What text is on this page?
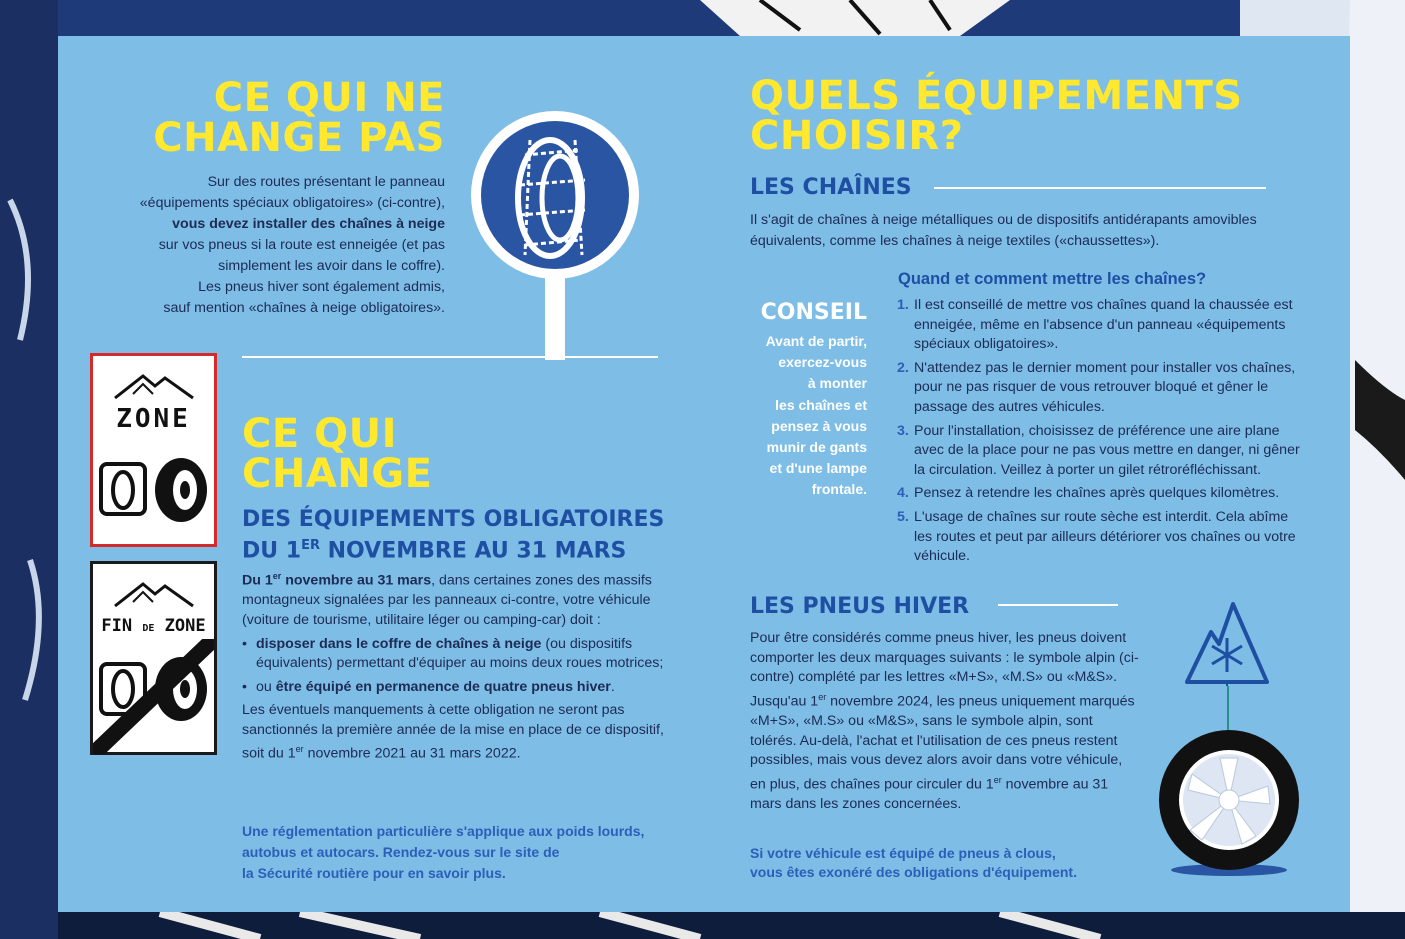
CE QUI NE
CHANGE PAS
Sur des routes présentant le panneau
«équipements spéciaux obligatoires» (ci-contre),
vous devez installer des chaînes à neige
sur vos pneus si la route est enneigée (et pas
simplement les avoir dans le coffre).
Les pneus hiver sont également admis,
sauf mention «chaînes à neige obligatoires».
ZONE
FIN DE ZONE
CE QUI
CHANGE
DES ÉQUIPEMENTS OBLIGATOIRES
DU 1ER NOVEMBRE AU 31 MARS
Du 1er novembre au 31 mars, dans certaines zones des massifs montagneux signalées par les panneaux ci-contre, votre véhicule (voiture de tourisme, utilitaire léger ou camping-car) doit :
• disposer dans le coffre de chaînes à neige (ou dispositifs équivalents) permettant d'équiper au moins deux roues motrices;
• ou être équipé en permanence de quatre pneus hiver.
Les éventuels manquements à cette obligation ne seront pas sanctionnés la première année de la mise en place de ce dispositif, soit du 1er novembre 2021 au 31 mars 2022.
Une réglementation particulière s'applique aux poids lourds,
autobus et autocars. Rendez-vous sur le site de
la Sécurité routière pour en savoir plus.
QUELS ÉQUIPEMENTS
CHOISIR?
LES CHAÎNES
Il s'agit de chaînes à neige métalliques ou de dispositifs antidérapants amovibles équivalents, comme les chaînes à neige textiles («chaussettes»).
CONSEIL
Avant de partir,
exercez-vous
à monter
les chaînes et
pensez à vous
munir de gants
et d'une lampe
frontale.
Quand et comment mettre les chaînes?
1. Il est conseillé de mettre vos chaînes quand la chaussée est enneigée, même en l'absence d'un panneau «équipements spéciaux obligatoires».
2. N'attendez pas le dernier moment pour installer vos chaînes, pour ne pas risquer de vous retrouver bloqué et gêner le passage des autres véhicules.
3. Pour l'installation, choisissez de préférence une aire plane avec de la place pour ne pas vous mettre en danger, ni gêner la circulation. Veillez à porter un gilet rétroréfléchissant.
4. Pensez à retendre les chaînes après quelques kilomètres.
5. L'usage de chaînes sur route sèche est interdit. Cela abîme les routes et peut par ailleurs détériorer vos chaînes ou votre véhicule.
LES PNEUS HIVER
Pour être considérés comme pneus hiver, les pneus doivent comporter les deux marquages suivants : le symbole alpin (ci-contre) complété par les lettres «M+S», «M.S» ou «M&S».
Jusqu'au 1er novembre 2024, les pneus uniquement marqués «M+S», «M.S» ou «M&S», sans le symbole alpin, sont tolérés. Au-delà, l'achat et l'utilisation de ces pneus restent possibles, mais vous devez alors avoir dans votre véhicule, en plus, des chaînes pour circuler du 1er novembre au 31 mars dans les zones concernées.
Si votre véhicule est équipé de pneus à clous,
vous êtes exonéré des obligations d'équipement.
